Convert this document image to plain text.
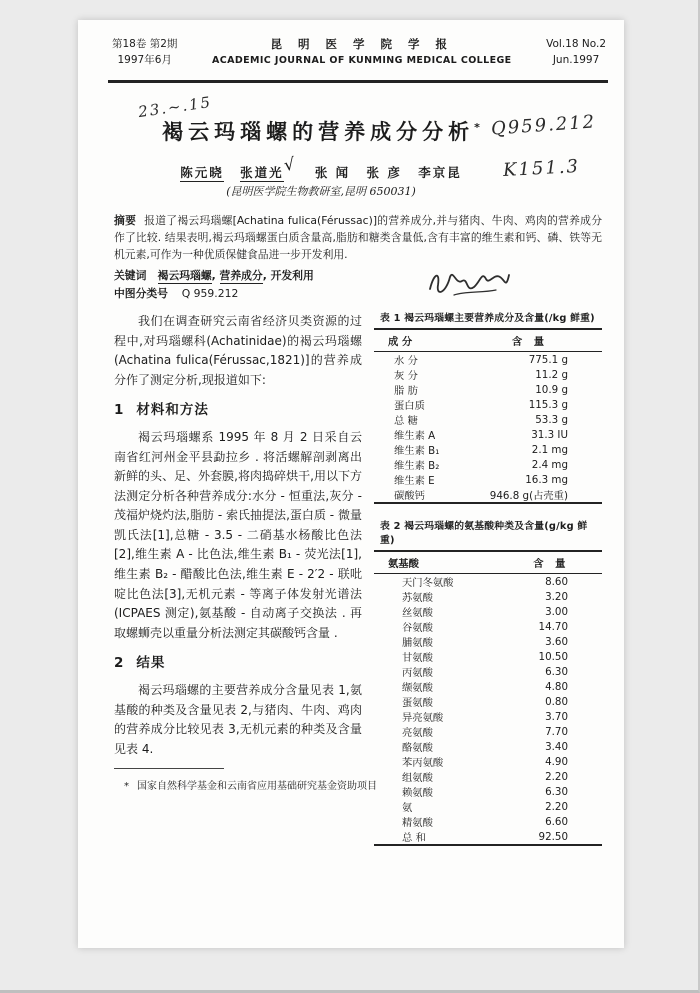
第18卷 第2期
1997年6月
昆 明 医 学 院 学 报
ACADEMIC JOURNAL OF KUNMING MEDICAL COLLEGE
Vol.18 No.2
Jun.1997
23.~.15
Q959.212
K151.3
褐云玛瑙螺的营养成分分析*
陈元晓 张道光√ 张 闻 张 彦 李京昆
(昆明医学院生物教研室,昆明 650031)
摘要 报道了褐云玛瑙螺[Achatina fulica(Férussac)]的营养成分,并与猪肉、牛肉、鸡肉的营养成分作了比较. 结果表明,褐云玛瑙螺蛋白质含量高,脂肪和糖类含量低,含有丰富的维生素和钙、磷、铁等无机元素,可作为一种优质保健食品进一步开发利用.
关键词 褐云玛瑙螺, 营养成分, 开发利用
中图分类号 Q 959.212

我们在调查研究云南省经济贝类资源的过程中,对玛瑙螺科(Achatinidae)的褐云玛瑙螺(Achatina fulica(Férussac,1821)]的营养成分作了测定分析,现报道如下:

1 材料和方法

褐云玛瑙螺系 1995 年 8 月 2 日采自云南省红河州金平县勐拉乡 . 将活螺解剖剥离出新鲜的头、足、外套膜,将肉捣碎烘干,用以下方法测定分析各种营养成分:水分 - 恒重法,灰分 - 茂福炉烧灼法,脂肪 - 索氏抽提法,蛋白质 - 微量凯氏法[1],总糖 - 3.5 - 二硝基水杨酸比色法[2],维生素 A - 比色法,维生素 B₁ - 荧光法[1],维生素 B₂ - 醋酸比色法,维生素 E - 2′2 - 联吡啶比色法[3],无机元素 - 等离子体发射光谱法(ICPAES 测定),氨基酸 - 自动离子交换法 . 再取螺蛳壳以重量分析法测定其碳酸钙含量 .

2 结果

褐云玛瑙螺的主要营养成分含量见表 1,氨基酸的种类及含量见表 2,与猪肉、牛肉、鸡肉的营养成分比较见表 3,无机元素的种类及含量见表 4.

* 国家自然科学基金和云南省应用基础研究基金资助项目
表 1 褐云玛瑙螺主要营养成分及含量(/kg 鲜重)
成 分	含 量
水 分	775.1 g
灰 分	11.2 g
脂 肪	10.9 g
蛋白质	115.3 g
总 糖	53.3 g
维生素 A	31.3 IU
维生素 B₁	2.1 mg
维生素 B₂	2.4 mg
维生素 E	16.3 mg
碳酸钙	946.8 g(占壳重)
表 2 褐云玛瑙螺的氨基酸种类及含量(g/kg 鲜重)
氨基酸	含 量
天门冬氨酸	8.60
苏氨酸	3.20
丝氨酸	3.00
谷氨酸	14.70
脯氨酸	3.60
甘氨酸	10.50
丙氨酸	6.30
缬氨酸	4.80
蛋氨酸	0.80
异亮氨酸	3.70
亮氨酸	7.70
酪氨酸	3.40
苯丙氨酸	4.90
组氨酸	2.20
赖氨酸	6.30
氨	2.20
精氨酸	6.60
总 和	92.50
